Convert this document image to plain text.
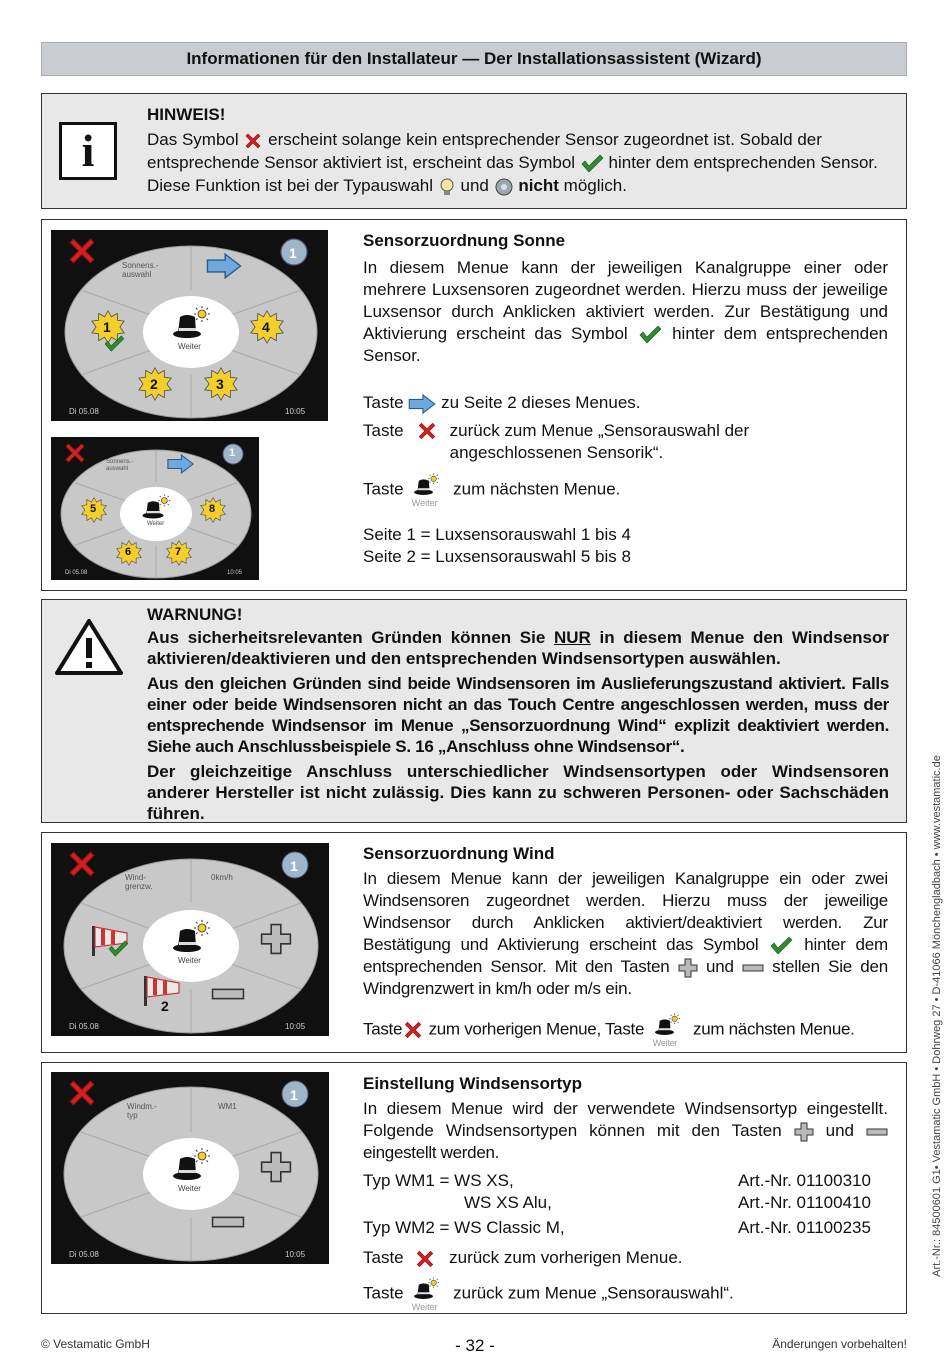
Informationen für den Installateur — Der Installationsassistent (Wizard)
i

HINWEIS!

Das Symbol erscheint solange kein entsprechender Sensor zugeordnet ist. Sobald der entsprechende Sensor aktiviert ist, erscheint das Symbol hinter dem entsprechenden Sensor. Diese Funktion ist bei der Typauswahl und nicht möglich.

Sonnens.-
auswahl
Weiter
Di 05.08	10:05
1
1	4
2	3
Sonnens.-
auswahl
Weiter
Di 05.08	10:05
1
5	8
6	7

Sensorzuordnung Sonne

In diesem Menue kann der jeweiligen Kanalgruppe einer oder mehrere Luxsensoren zugeordnet werden. Hierzu muss der jeweilige Luxsensor durch Anklicken aktiviert werden. Zur Bestätigung und Aktivierung erscheint das Symbol	hinter dem entsprechenden Sensor.

Taste zu Seite 2 dieses Menues.

Taste	zurück zum Menue „Sensorauswahl der angeschlossenen Sensorik“.

Taste
Weiter
zum nächsten Menue.

Seite 1 = Luxsensorauswahl 1 bis 4

Seite 2 = Luxsensorauswahl 5 bis 8

WARNUNG!

Aus sicherheitsrelevanten Gründen können Sie NUR in diesem Menue den Windsensor aktivieren/deaktivieren und den entsprechenden Windsensortypen auswählen.

Aus den gleichen Gründen sind beide Windsensoren im Auslieferungszustand aktiviert. Falls einer oder beide Windsensoren nicht an das Touch Centre angeschlossen werden, muss der entsprechende Windsensor im Menue „Sensorzuordnung Wind“ explizit deaktiviert werden. Siehe auch Anschlussbeispiele S. 16 „Anschluss ohne Windsensor“.

Der gleichzeitige Anschluss unterschiedlicher Windsensortypen oder Windsensoren anderer Hersteller ist nicht zulässig. Dies kann zu schweren Personen- oder Sachschäden führen.

Wind-
grenzw.
0km/h
Weiter
Di 05.08	10:05
1
2

Sensorzuordnung Wind

In diesem Menue kann der jeweiligen Kanalgruppe ein oder zwei Windsensoren zugeordnet werden. Hierzu muss der jeweilige Windsensor durch Anklicken aktiviert/deaktiviert werden. Zur Bestätigung und Aktivierung erscheint das Symbol	hinter dem entsprechenden Sensor. Mit den Tasten und stellen Sie den Windgrenzwert in km/h oder m/s ein.

Taste zum vorherigen Menue, Taste
Weiter
zum nächsten Menue.

Windm.-
typ
WM1
Weiter
Di 05.08	10:05
1

Einstellung Windsensortyp

In diesem Menue wird der verwendete Windsensortyp eingestellt. Folgende Windsensortypen können mit den Tasten	und  eingestellt werden.

Typ WM1 = WS XS,	Art.-Nr. 01100310
WS XS Alu,	Art.-Nr. 01100410
Typ WM2 = WS Classic M,	Art.-Nr. 01100235

Taste	zurück zum vorherigen Menue.

Taste
Weiter
zurück zum Menue „Sensorauswahl“.

Art.-Nr.: 84500601 G1• Vestamatic GmbH • Dohrweg 27 • D-41066 Mönchengladbach • www.vestamatic.de
© Vestamatic GmbH	- 32 -	Änderungen vorbehalten!
